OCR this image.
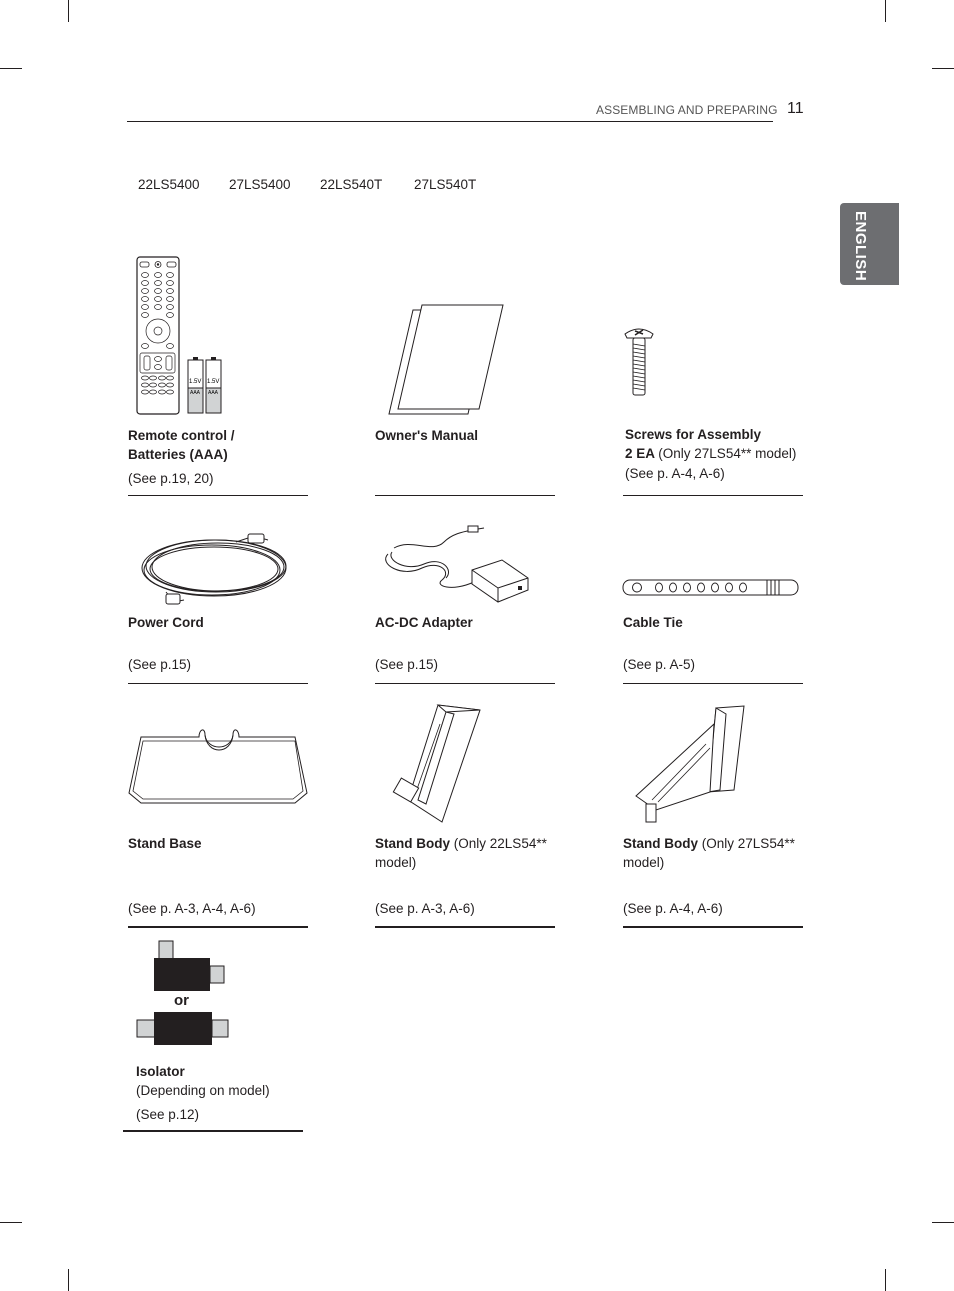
ASSEMBLING AND PREPARING 11
ENGLISH
22LS5400 27LS5400 22LS540T 27LS540T
1.5V 1.5V
AAA AAA
Remote control /
Batteries (AAA)
(See p.19, 20)
Owner's Manual	Screws for Assembly
2 EA (Only 27LS54** model)
(See p. A-4, A-6)
Power Cord
(See p.15)
AC-DC Adapter
(See p.15)
Cable Tie
(See p. A-5)
Stand Base
(See p. A-3, A-4, A-6)
Stand Body (Only 22LS54**
model)
(See p. A-3, A-6)
Stand Body (Only 27LS54**
model)
(See p. A-4, A-6)
or
Isolator
(Depending on model)
(See p.12)
